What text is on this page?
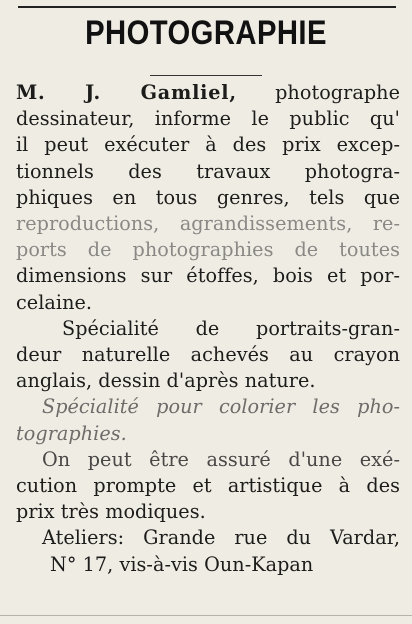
PHOTOGRAPHIE
M. J. Gamliel, photographe
dessinateur, informe le public qu'
il peut exécuter à des prix excep-
tionnels des travaux photogra-
phiques en tous genres, tels que
reproductions, agrandissements, re-
ports de photographies de toutes
dimensions sur étoffes, bois et por-
celaine.
Spécialité de portraits-gran-
deur naturelle achevés au crayon
anglais, dessin d'après nature.
Spécialité pour colorier les pho-
tographies.
On peut être assuré d'une exé-
cution prompte et artistique à des
prix très modiques.
Ateliers: Grande rue du Vardar,
N° 17, vis-à-vis Oun-Kapan
